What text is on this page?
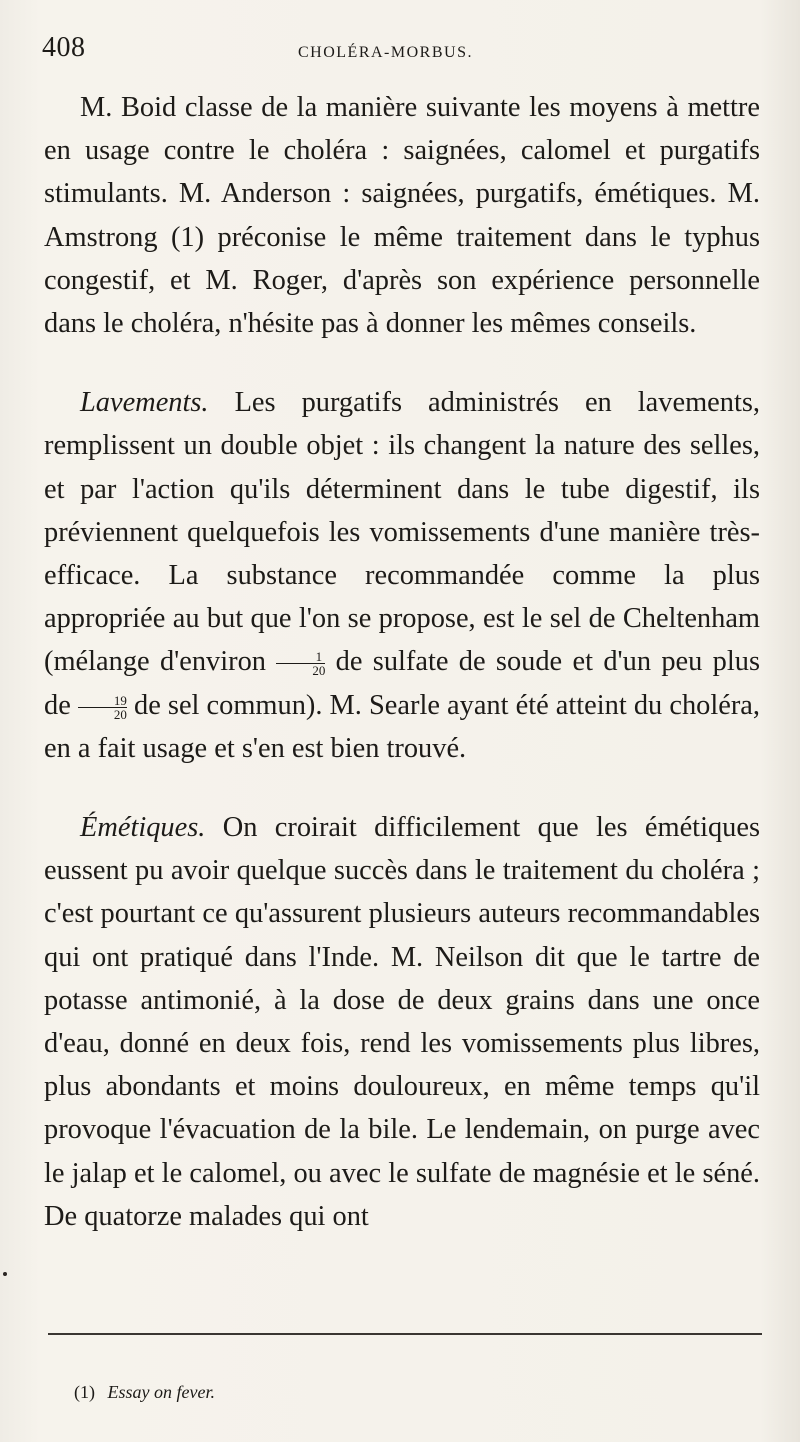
408	CHOLÉRA-MORBUS.

M. Boid classe de la manière suivante les moyens à mettre en usage contre le choléra : saignées, calomel et purgatifs stimulants. M. Anderson : saignées, purgatifs, émétiques. M. Amstrong (1) préconise le même traitement dans le typhus congestif, et M. Roger, d'après son expérience personnelle dans le choléra, n'hésite pas à donner les mêmes conseils.

Lavements. Les purgatifs administrés en lavements, remplissent un double objet : ils changent la nature des selles, et par l'action qu'ils déterminent dans le tube digestif, ils préviennent quelquefois les vomissements d'une manière très-efficace. La substance recommandée comme la plus appropriée au but que l'on se propose, est le sel de Cheltenham (mélange d'environ $\frac{1}{20}$ de sulfate de soude et d'un peu plus de $\frac{19}{20}$ de sel commun). M. Searle ayant été atteint du choléra, en a fait usage et s'en est bien trouvé.

Émétiques. On croirait difficilement que les émétiques eussent pu avoir quelque succès dans le traitement du choléra ; c'est pourtant ce qu'assurent plusieurs auteurs recommandables qui ont pratiqué dans l'Inde. M. Neilson dit que le tartre de potasse antimonié, à la dose de deux grains dans une once d'eau, donné en deux fois, rend les vomissements plus libres, plus abondants et moins douloureux, en même temps qu'il provoque l'évacuation de la bile. Le lendemain, on purge avec le jalap et le calomel, ou avec le sulfate de magnésie et le séné. De quatorze malades qui ont

(1) Essay on fever.
